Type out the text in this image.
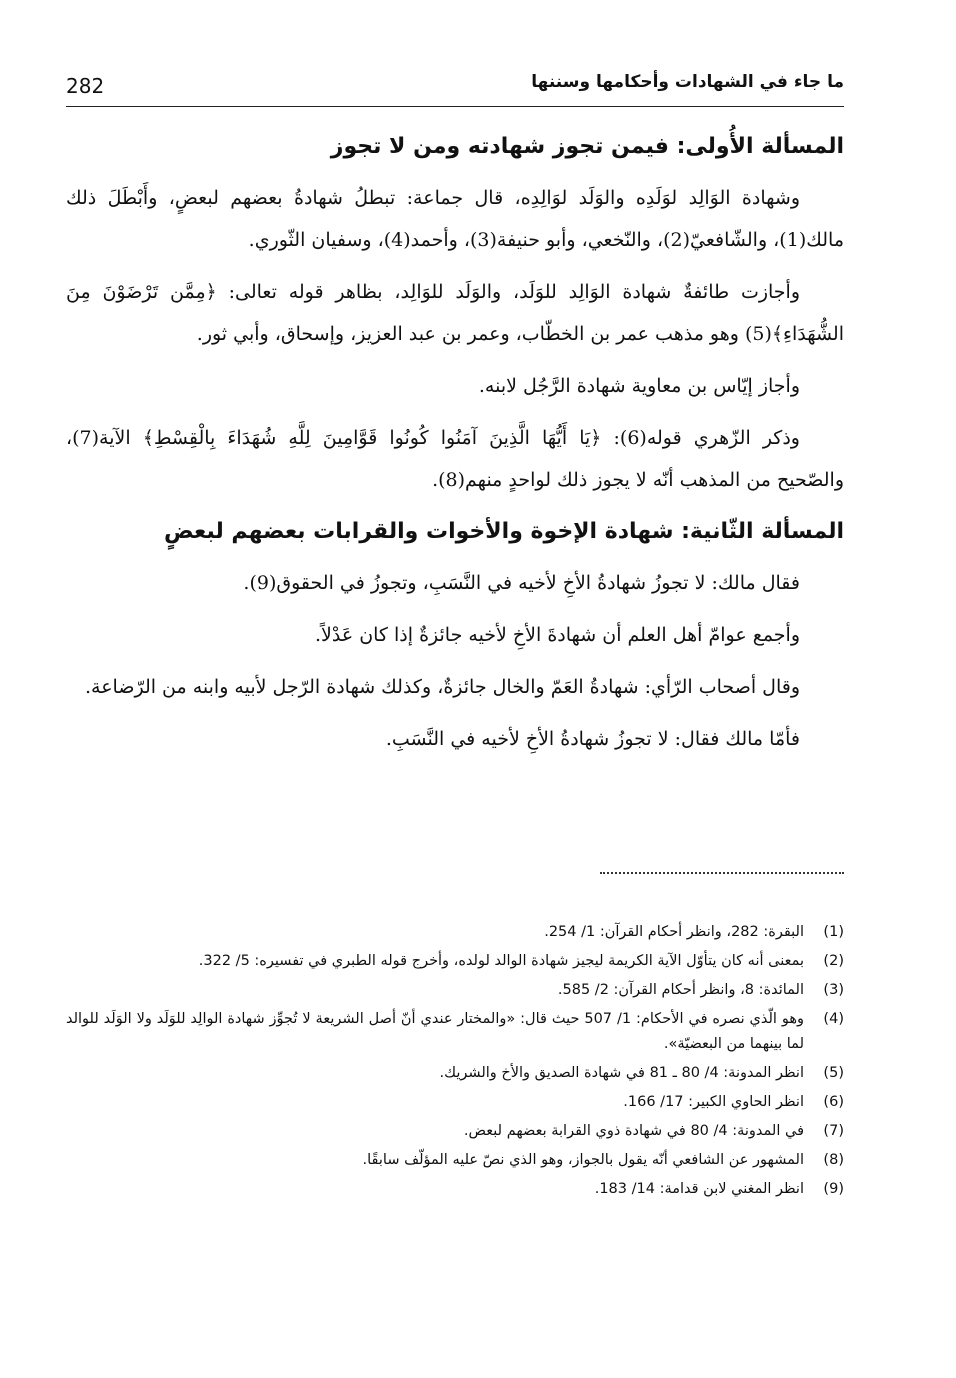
282	ما جاء في الشهادات وأحكامها وسننها
المسألة الأُولى: فيمن تجوز شهادته ومن لا تجوز

وشهادة الوَالِد لوَلَدِه والوَلَد لوَالِدِه، قال جماعة: تبطلُ شهادةُ بعضهم لبعضٍ، وأَبْطَلَ ذلك مالك(1)، والشّافعيّ(2)، والنّخعي، وأبو حنيفة(3)، وأحمد(4)، وسفيان الثّوري.

وأجازت طائفةٌ شهادة الوَالِد للوَلَد، والوَلَد للوَالِد، بظاهر قوله تعالى: ﴿مِمَّن تَرْضَوْنَ مِنَ الشُّهَدَاءِ﴾(5) وهو مذهب عمر بن الخطّاب، وعمر بن عبد العزيز، وإسحاق، وأبي ثور.

وأجاز إيّاس بن معاوية شهادة الرَّجُل لابنه.

وذكر الزّهري قوله(6): ﴿يَا أَيُّهَا الَّذِينَ آمَنُوا كُونُوا قَوَّامِينَ لِلَّهِ شُهَدَاءَ بِالْقِسْطِ﴾ الآية(7)، والصّحيح من المذهب أنّه لا يجوز ذلك لواحدٍ منهم(8).

المسألة الثّانية: شهادة الإخوة والأخوات والقرابات بعضهم لبعضٍ

فقال مالك: لا تجوزُ شهادةُ الأخِ لأخيه في النَّسَبِ، وتجوزُ في الحقوق(9).

وأجمع عوامّ أهل العلم أن شهادةَ الأخِ لأخيه جائزةٌ إذا كان عَدْلاً.

وقال أصحاب الرّأي: شهادةُ العَمّ والخال جائزةٌ، وكذلك شهادة الرّجل لأبيه وابنه من الرّضاعة.

فأمّا مالك فقال: لا تجوزُ شهادةُ الأخِ لأخيه في النَّسَبِ.

(1)
البقرة: 282، وانظر أحكام القرآن: 1/ 254.
(2)
بمعنى أنه كان يتأوّل الآية الكريمة ليجيز شهادة الوالد لولده، وأخرج قوله الطبري في تفسيره: 5/ 322.
(3)
المائدة: 8، وانظر أحكام القرآن: 2/ 585.
(4)
وهو الّذي نصره في الأحكام: 1/ 507 حيث قال: «والمختار عندي أنّ أصل الشريعة لا تُجوِّز شهادة الوالِد للوَلَد ولا الوَلَد للوالد لما بينهما من البعضيّة».
(5)
انظر المدونة: 4/ 80 ـ 81 في شهادة الصديق والأخ والشريك.
(6)
انظر الحاوي الكبير: 17/ 166.
(7)
في المدونة: 4/ 80 في شهادة ذوي القرابة بعضهم لبعض.
(8)
المشهور عن الشافعي أنّه يقول بالجواز، وهو الذي نصّ عليه المؤلّف سابقًا.
(9)
انظر المغني لابن قدامة: 14/ 183.
